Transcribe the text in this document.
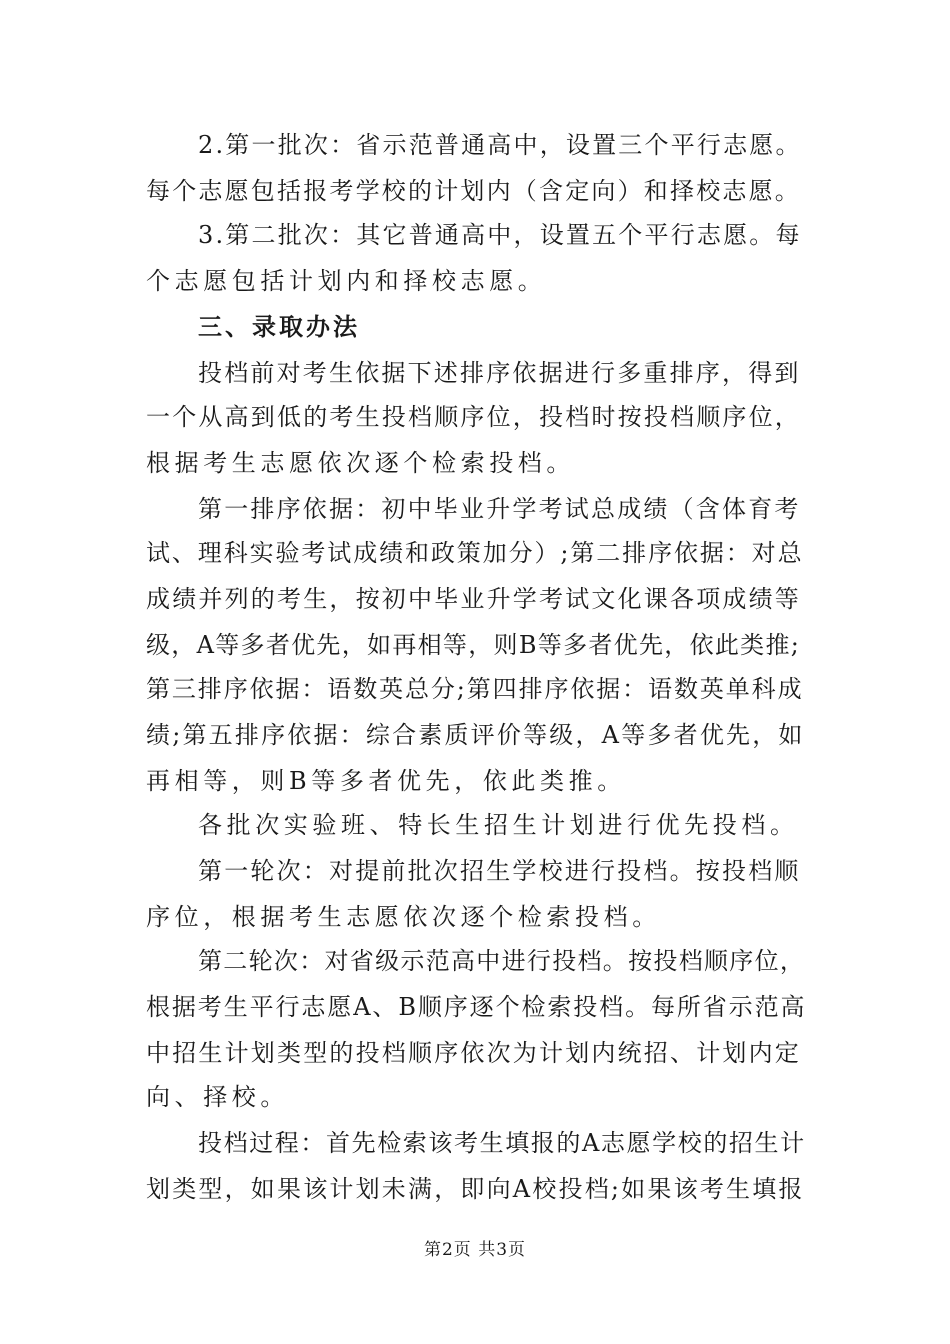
2.第一批次：省示范普通高中，设置三个平行志愿。
每个志愿包括报考学校的计划内（含定向）和择校志愿。
3.第二批次：其它普通高中，设置五个平行志愿。每
个志愿包括计划内和择校志愿。
三、录取办法
投档前对考生依据下述排序依据进行多重排序，得到
一个从高到低的考生投档顺序位，投档时按投档顺序位，
根据考生志愿依次逐个检索投档。
第一排序依据：初中毕业升学考试总成绩（含体育考
试、理科实验考试成绩和政策加分）;第二排序依据：对总
成绩并列的考生，按初中毕业升学考试文化课各项成绩等
级，A等多者优先，如再相等，则B等多者优先，依此类推;
第三排序依据：语数英总分;第四排序依据：语数英单科成
绩;第五排序依据：综合素质评价等级，A等多者优先，如
再相等，则B等多者优先，依此类推。
各批次实验班、特长生招生计划进行优先投档。
第一轮次：对提前批次招生学校进行投档。按投档顺
序位，根据考生志愿依次逐个检索投档。
第二轮次：对省级示范高中进行投档。按投档顺序位，
根据考生平行志愿A、B顺序逐个检索投档。每所省示范高
中招生计划类型的投档顺序依次为计划内统招、计划内定
向、择校。
投档过程：首先检索该考生填报的A志愿学校的招生计
划类型，如果该计划未满，即向A校投档;如果该考生填报
第2页 共3页
